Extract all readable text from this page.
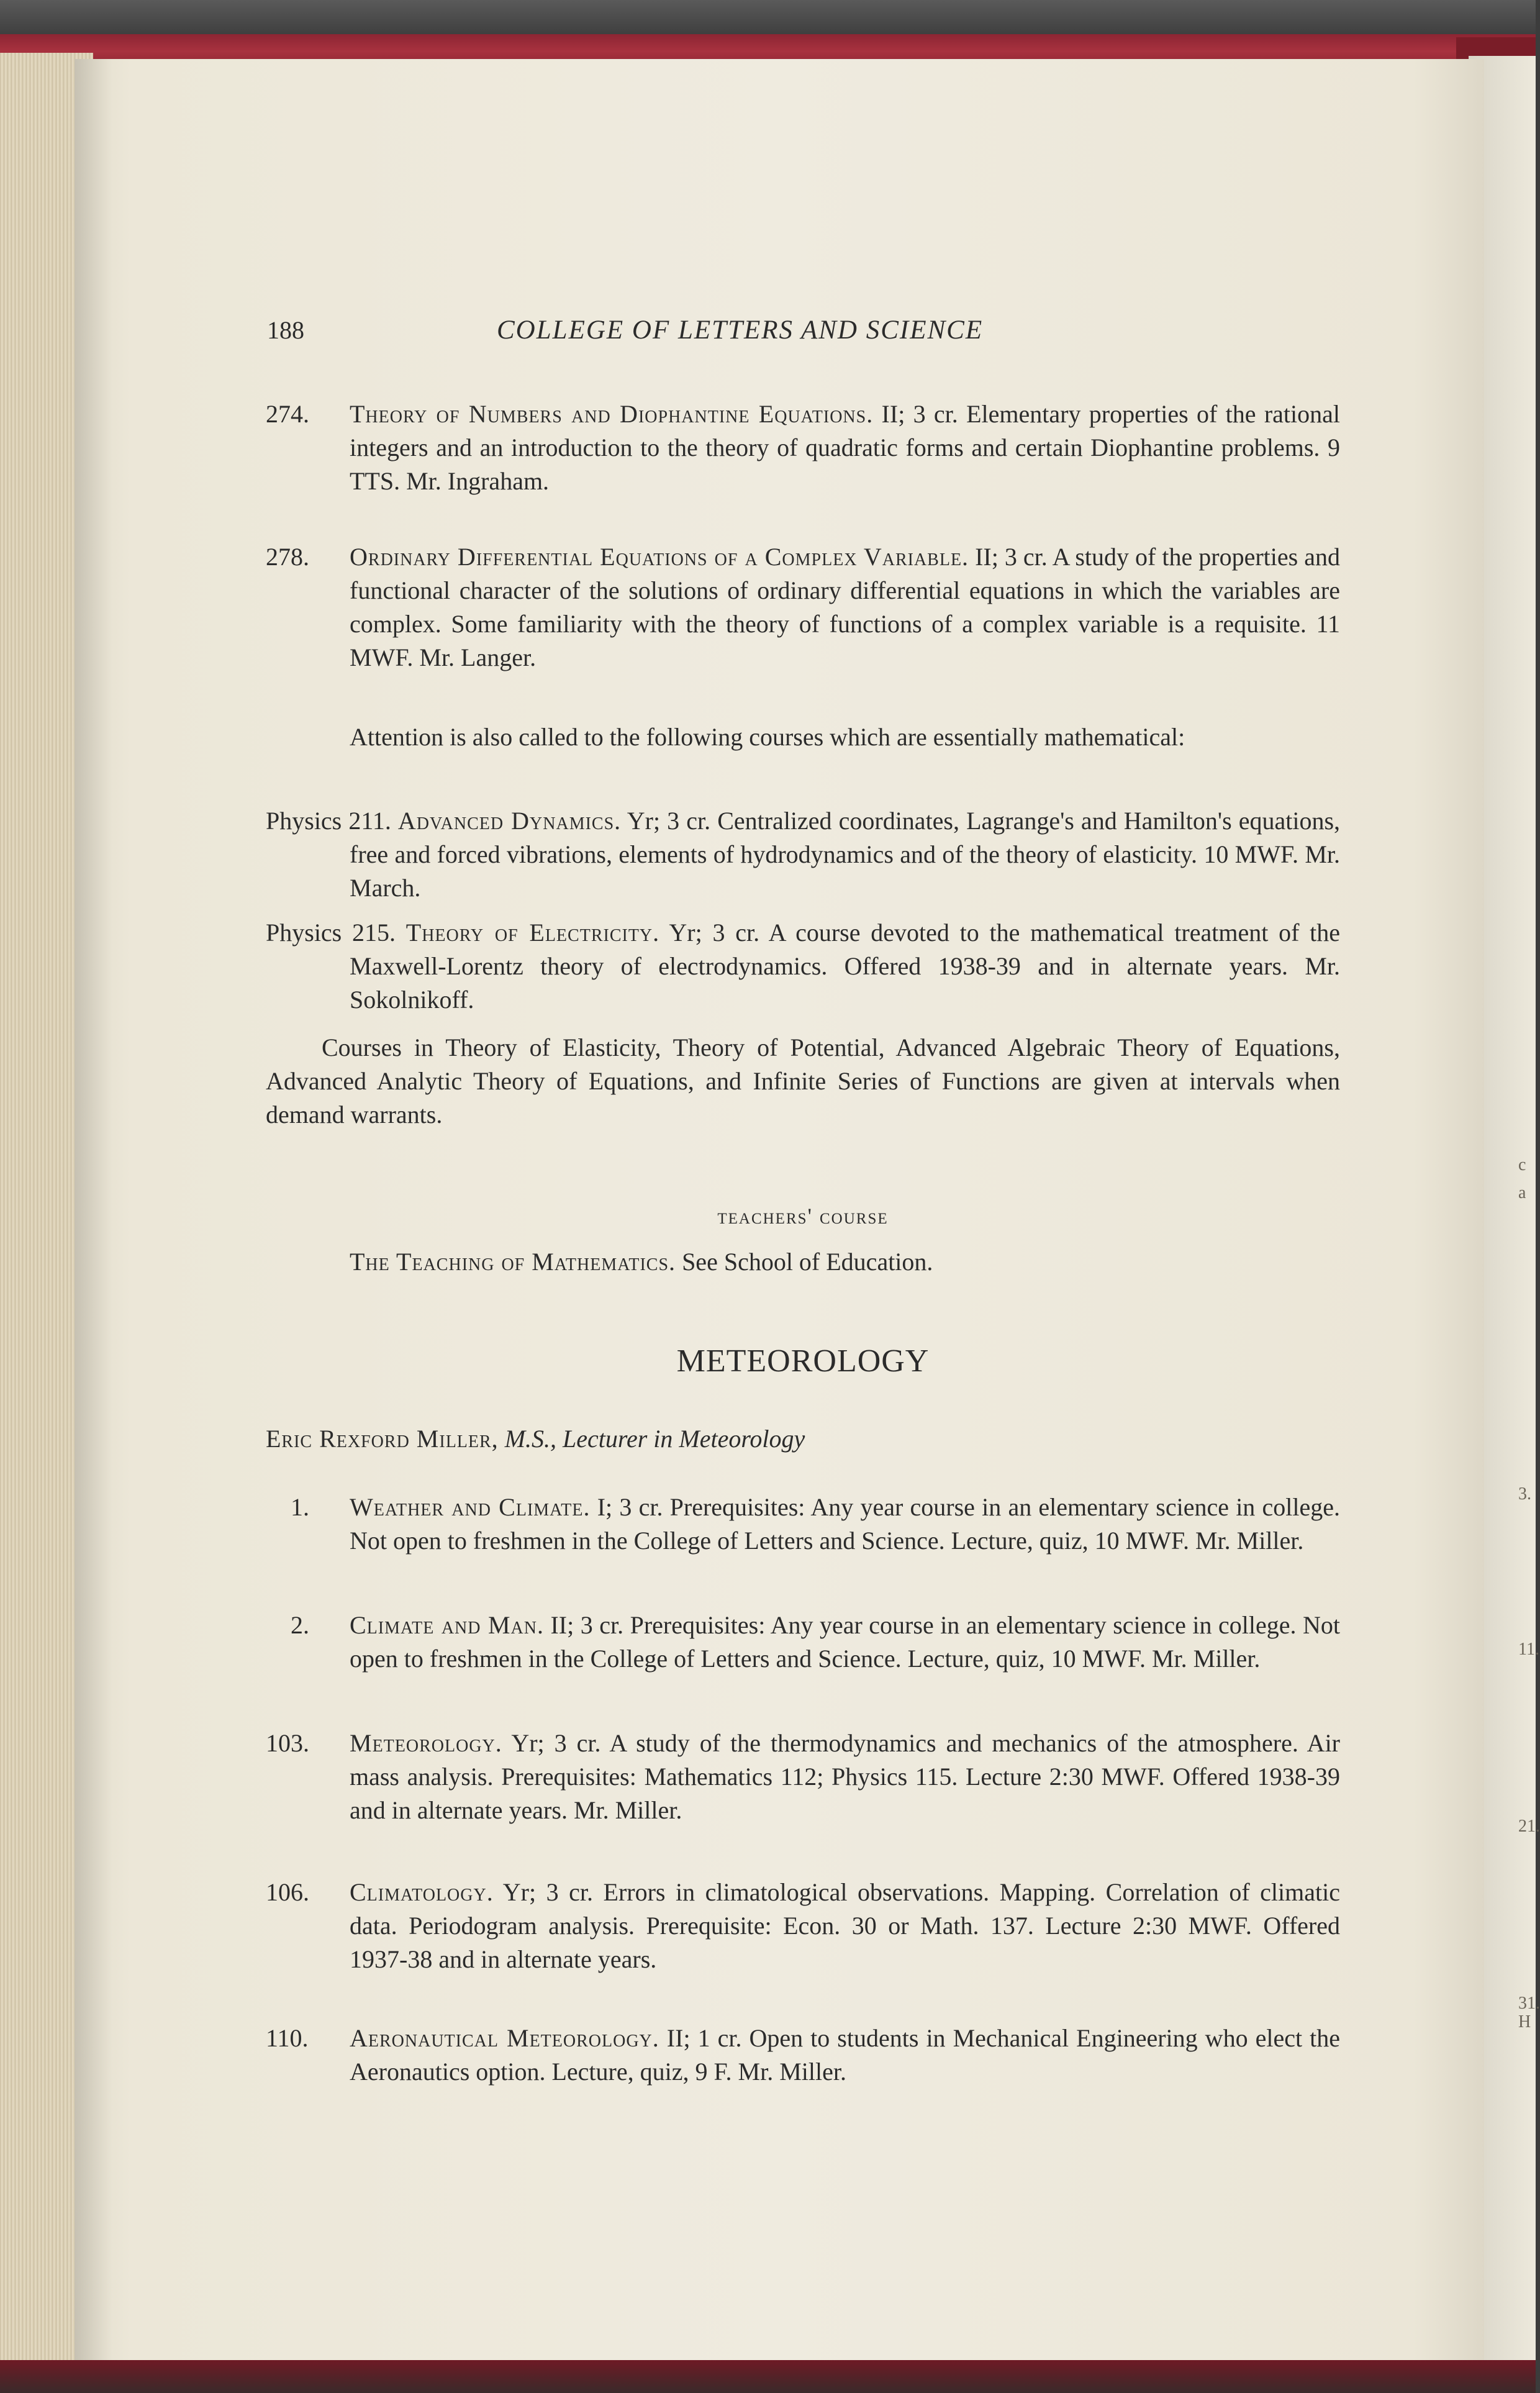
c
a
3.
11.
21.
31.
H
188	COLLEGE OF LETTERS AND SCIENCE
274. Theory of Numbers and Diophantine Equations. II; 3 cr. Elementary properties of the rational integers and an introduction to the theory of quadratic forms and certain Diophantine problems. 9 TTS. Mr. Ingraham.
278. Ordinary Differential Equations of a Complex Variable. II; 3 cr. A study of the properties and functional character of the solutions of ordinary differential equations in which the variables are complex. Some familiarity with the theory of functions of a complex variable is a requisite. 11 MWF. Mr. Langer.
Attention is also called to the following courses which are essentially mathematical:
Physics 211. Advanced Dynamics. Yr; 3 cr. Centralized coordinates, Lagrange's and Hamilton's equations, free and forced vibrations, elements of hydrodynamics and of the theory of elasticity. 10 MWF. Mr. March.
Physics 215. Theory of Electricity. Yr; 3 cr. A course devoted to the mathematical treatment of the Maxwell-Lorentz theory of electrodynamics. Offered 1938-39 and in alternate years. Mr. Sokolnikoff.
Courses in Theory of Elasticity, Theory of Potential, Advanced Algebraic Theory of Equations, Advanced Analytic Theory of Equations, and Infinite Series of Functions are given at intervals when demand warrants.
teachers' course
The Teaching of Mathematics. See School of Education.
METEOROLOGY
Eric Rexford Miller, M.S., Lecturer in Meteorology
1. Weather and Climate. I; 3 cr. Prerequisites: Any year course in an elementary science in college. Not open to freshmen in the College of Letters and Science. Lecture, quiz, 10 MWF. Mr. Miller.
2. Climate and Man. II; 3 cr. Prerequisites: Any year course in an elementary science in college. Not open to freshmen in the College of Letters and Science. Lecture, quiz, 10 MWF. Mr. Miller.
103. Meteorology. Yr; 3 cr. A study of the thermodynamics and mechanics of the atmosphere. Air mass analysis. Prerequisites: Mathematics 112; Physics 115. Lecture 2:30 MWF. Offered 1938-39 and in alternate years. Mr. Miller.
106. Climatology. Yr; 3 cr. Errors in climatological observations. Mapping. Correlation of climatic data. Periodogram analysis. Prerequisite: Econ. 30 or Math. 137. Lecture 2:30 MWF. Offered 1937-38 and in alternate years.
110. Aeronautical Meteorology. II; 1 cr. Open to students in Mechanical Engineering who elect the Aeronautics option. Lecture, quiz, 9 F. Mr. Miller.
